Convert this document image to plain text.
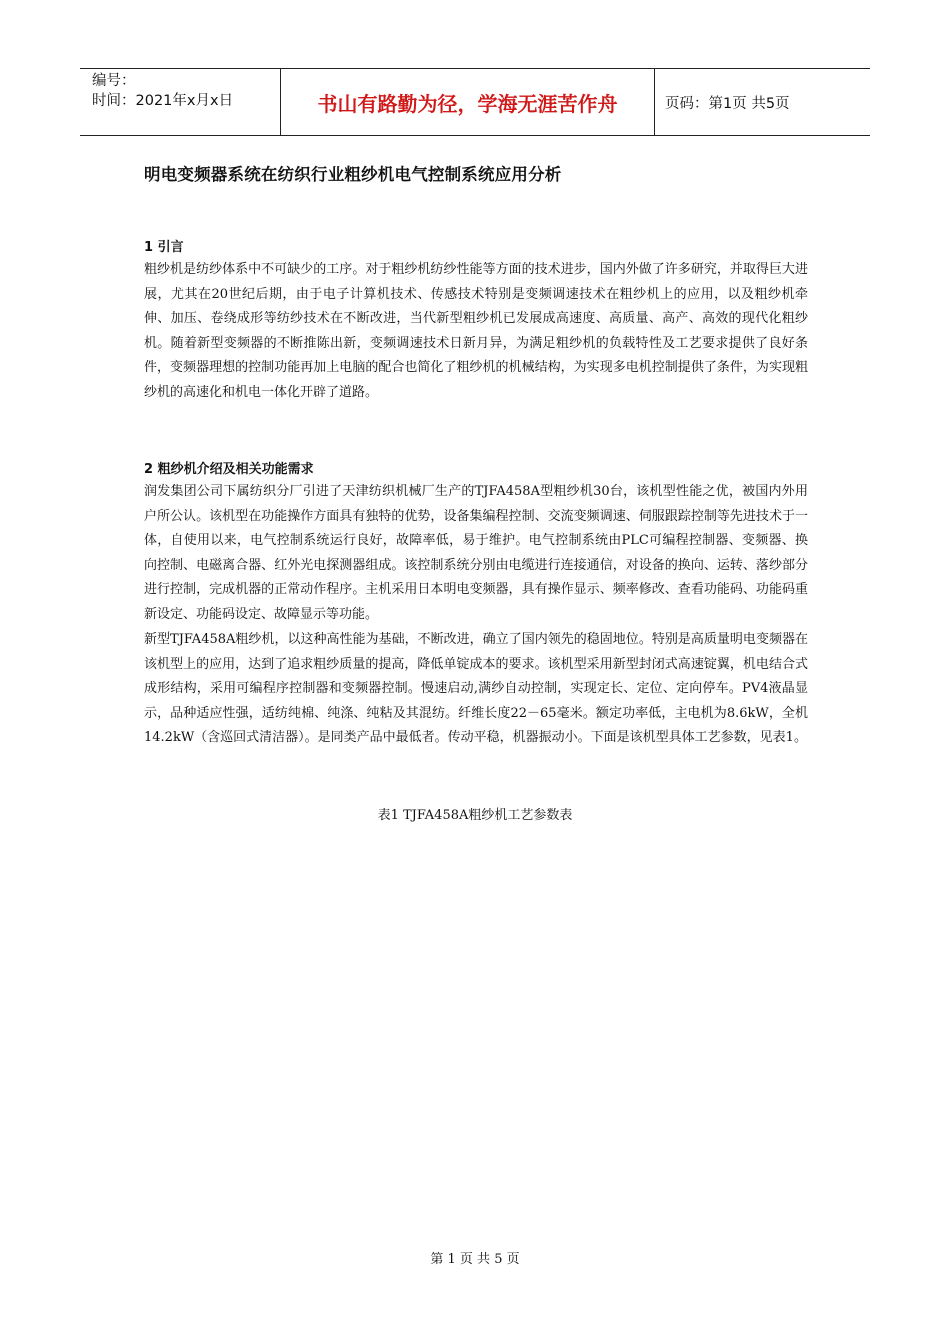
编号：
时间：2021年x月x日	书山有路勤为径，学海无涯苦作舟	页码：第1页 共5页
明电变频器系统在纺织行业粗纱机电气控制系统应用分析
1 引言

粗纱机是纺纱体系中不可缺少的工序。对于粗纱机纺纱性能等方面的技术进步，国内外做了许多研究，并取得巨大进展，尤其在20世纪后期，由于电子计算机技术、传感技术特别是变频调速技术在粗纱机上的应用，以及粗纱机牵伸、加压、卷绕成形等纺纱技术在不断改进，当代新型粗纱机已发展成高速度、高质量、高产、高效的现代化粗纱机。随着新型变频器的不断推陈出新，变频调速技术日新月异，为满足粗纱机的负载特性及工艺要求提供了良好条件，变频器理想的控制功能再加上电脑的配合也简化了粗纱机的机械结构，为实现多电机控制提供了条件，为实现粗纱机的高速化和机电一体化开辟了道路。

2 粗纱机介绍及相关功能需求

润发集团公司下属纺织分厂引进了天津纺织机械厂生产的TJFA458A型粗纱机30台，该机型性能之优，被国内外用户所公认。该机型在功能操作方面具有独特的优势，设备集编程控制、交流变频调速、伺服跟踪控制等先进技术于一体，自使用以来，电气控制系统运行良好，故障率低，易于维护。电气控制系统由PLC可编程控制器、变频器、换向控制、电磁离合器、红外光电探测器组成。该控制系统分别由电缆进行连接通信，对设备的换向、运转、落纱部分进行控制，完成机器的正常动作程序。主机采用日本明电变频器，具有操作显示、频率修改、查看功能码、功能码重新设定、功能码设定、故障显示等功能。

新型TJFA458A粗纱机，以这种高性能为基础，不断改进，确立了国内领先的稳固地位。特别是高质量明电变频器在该机型上的应用，达到了追求粗纱质量的提高，降低单锭成本的要求。该机型采用新型封闭式高速锭翼，机电结合式成形结构，采用可编程序控制器和变频器控制。慢速启动,满纱自动控制，实现定长、定位、定向停车。PV4液晶显示，品种适应性强，适纺纯棉、纯涤、纯粘及其混纺。纤维长度22－65毫米。额定功率低，主电机为8.6kW，全机14.2kW（含巡回式清洁器）。是同类产品中最低者。传动平稳，机器振动小。下面是该机型具体工艺参数，见表1。

表1 TJFA458A粗纱机工艺参数表
第 1 页 共 5 页
